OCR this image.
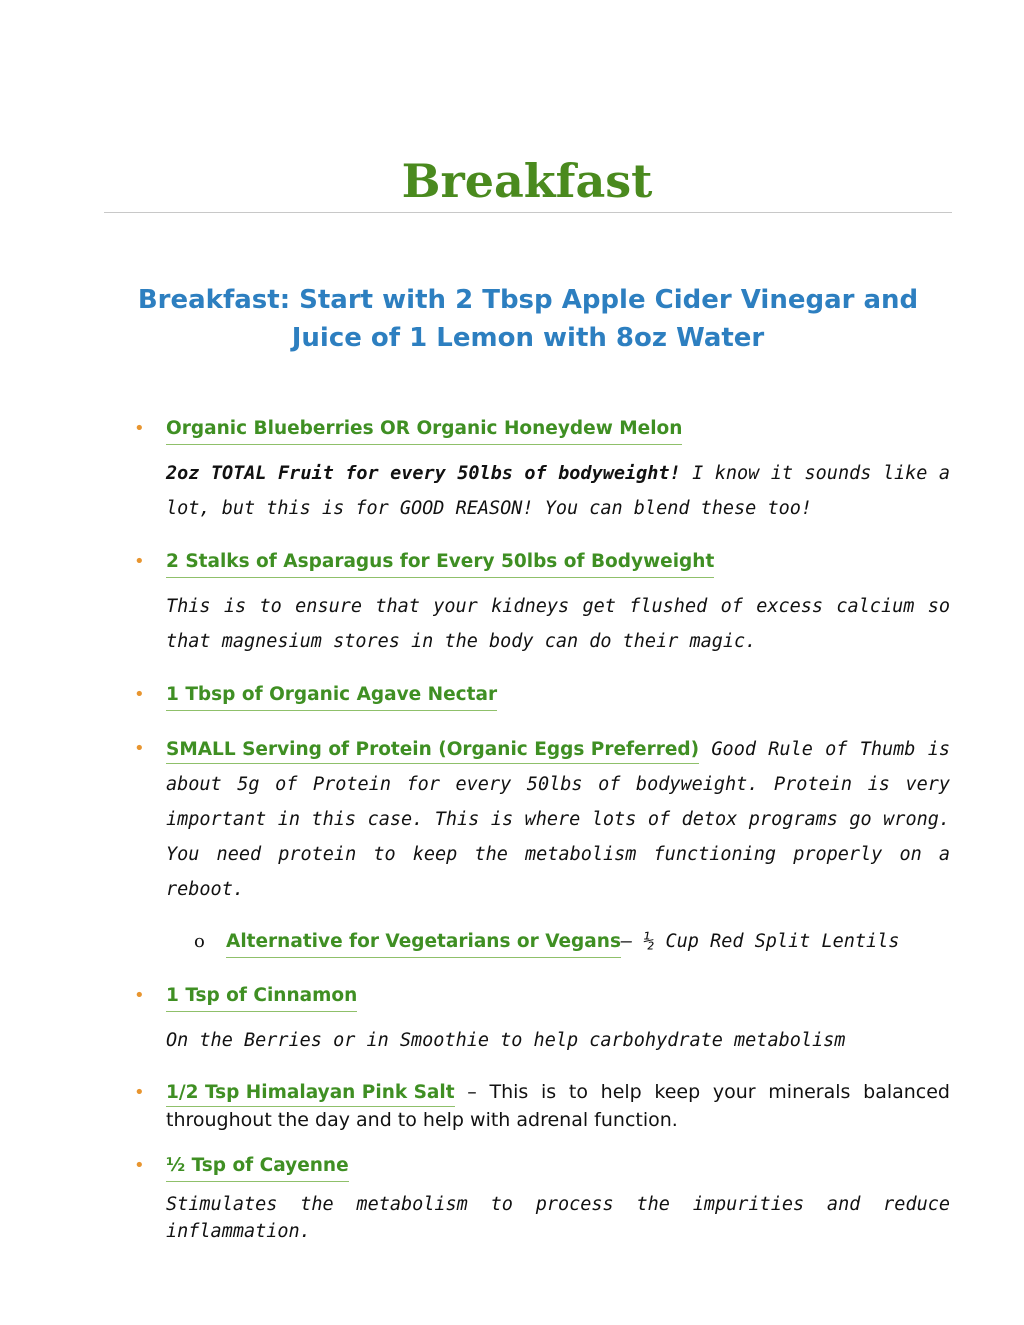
Breakfast
Breakfast: Start with 2 Tbsp Apple Cider Vinegar and Juice of 1 Lemon with 8oz Water
• Organic Blueberries OR Organic Honeydew Melon

2oz TOTAL Fruit for every 50lbs of bodyweight! I know it sounds like a lot, but this is for GOOD REASON! You can blend these too!

• 2 Stalks of Asparagus for Every 50lbs of Bodyweight

This is to ensure that your kidneys get flushed of excess calcium so that magnesium stores in the body can do their magic.

• 1 Tbsp of Organic Agave Nectar
• SMALL Serving of Protein (Organic Eggs Preferred) Good Rule of Thumb is about 5g of Protein for every 50lbs of bodyweight. Protein is very important in this case. This is where lots of detox programs go wrong. You need protein to keep the metabolism functioning properly on a reboot.

o Alternative for Vegetarians or Vegans– ½ Cup Red Split Lentils
• 1 Tsp of Cinnamon

On the Berries or in Smoothie to help carbohydrate metabolism

• 1/2 Tsp Himalayan Pink Salt – This is to help keep your minerals balanced throughout the day and to help with adrenal function.

• ½ Tsp of Cayenne

Stimulates the metabolism to process the impurities and reduce inflammation.
